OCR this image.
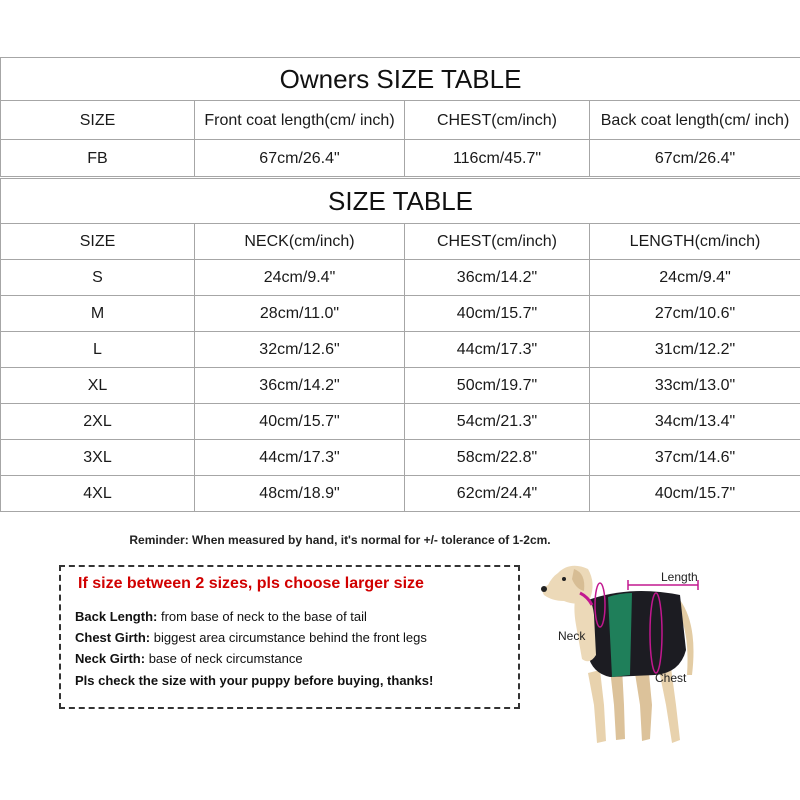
Owners SIZE TABLE			
SIZE	Front coat length(cm/ inch)	CHEST(cm/inch)	Back coat length(cm/ inch)
FB	67cm/26.4"	116cm/45.7"	67cm/26.4"
SIZE TABLE			
SIZE	NECK(cm/inch)	CHEST(cm/inch)	LENGTH(cm/inch)
S	24cm/9.4"	36cm/14.2"	24cm/9.4"
M	28cm/11.0"	40cm/15.7"	27cm/10.6"
L	32cm/12.6"	44cm/17.3"	31cm/12.2"
XL	36cm/14.2"	50cm/19.7"	33cm/13.0"
2XL	40cm/15.7"	54cm/21.3"	34cm/13.4"
3XL	44cm/17.3"	58cm/22.8"	37cm/14.6"
4XL	48cm/18.9"	62cm/24.4"	40cm/15.7"
Reminder: When measured by hand, it's normal for +/- tolerance of 1-2cm.
If size between 2 sizes, pls choose larger size
Back Length: from base of neck to the base of tail
Chest Girth: biggest area circumstance behind the front legs
Neck Girth: base of neck circumstance
Pls check the size with your puppy before buying, thanks!
Length
Neck
Chest
